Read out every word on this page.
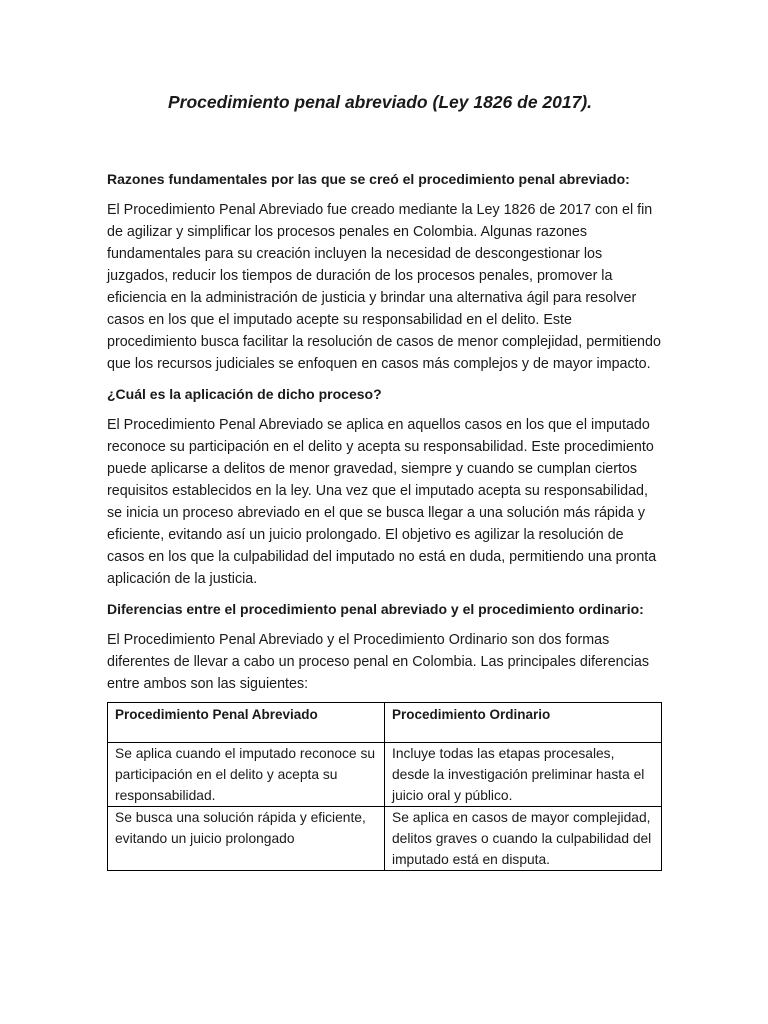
Procedimiento penal abreviado (Ley 1826 de 2017).

Razones fundamentales por las que se creó el procedimiento penal abreviado:

El Procedimiento Penal Abreviado fue creado mediante la Ley 1826 de 2017 con el fin de agilizar y simplificar los procesos penales en Colombia. Algunas razones fundamentales para su creación incluyen la necesidad de descongestionar los juzgados, reducir los tiempos de duración de los procesos penales, promover la eficiencia en la administración de justicia y brindar una alternativa ágil para resolver casos en los que el imputado acepte su responsabilidad en el delito. Este procedimiento busca facilitar la resolución de casos de menor complejidad, permitiendo que los recursos judiciales se enfoquen en casos más complejos y de mayor impacto.

¿Cuál es la aplicación de dicho proceso?

El Procedimiento Penal Abreviado se aplica en aquellos casos en los que el imputado reconoce su participación en el delito y acepta su responsabilidad. Este procedimiento puede aplicarse a delitos de menor gravedad, siempre y cuando se cumplan ciertos requisitos establecidos en la ley. Una vez que el imputado acepta su responsabilidad, se inicia un proceso abreviado en el que se busca llegar a una solución más rápida y eficiente, evitando así un juicio prolongado. El objetivo es agilizar la resolución de casos en los que la culpabilidad del imputado no está en duda, permitiendo una pronta aplicación de la justicia.

Diferencias entre el procedimiento penal abreviado y el procedimiento ordinario:

El Procedimiento Penal Abreviado y el Procedimiento Ordinario son dos formas diferentes de llevar a cabo un proceso penal en Colombia. Las principales diferencias entre ambos son las siguientes:

Procedimiento Penal Abreviado	Procedimiento Ordinario
Se aplica cuando el imputado reconoce su participación en el delito y acepta su responsabilidad.	Incluye todas las etapas procesales, desde la investigación preliminar hasta el juicio oral y público.
Se busca una solución rápida y eficiente, evitando un juicio prolongado	Se aplica en casos de mayor complejidad, delitos graves o cuando la culpabilidad del imputado está en disputa.
